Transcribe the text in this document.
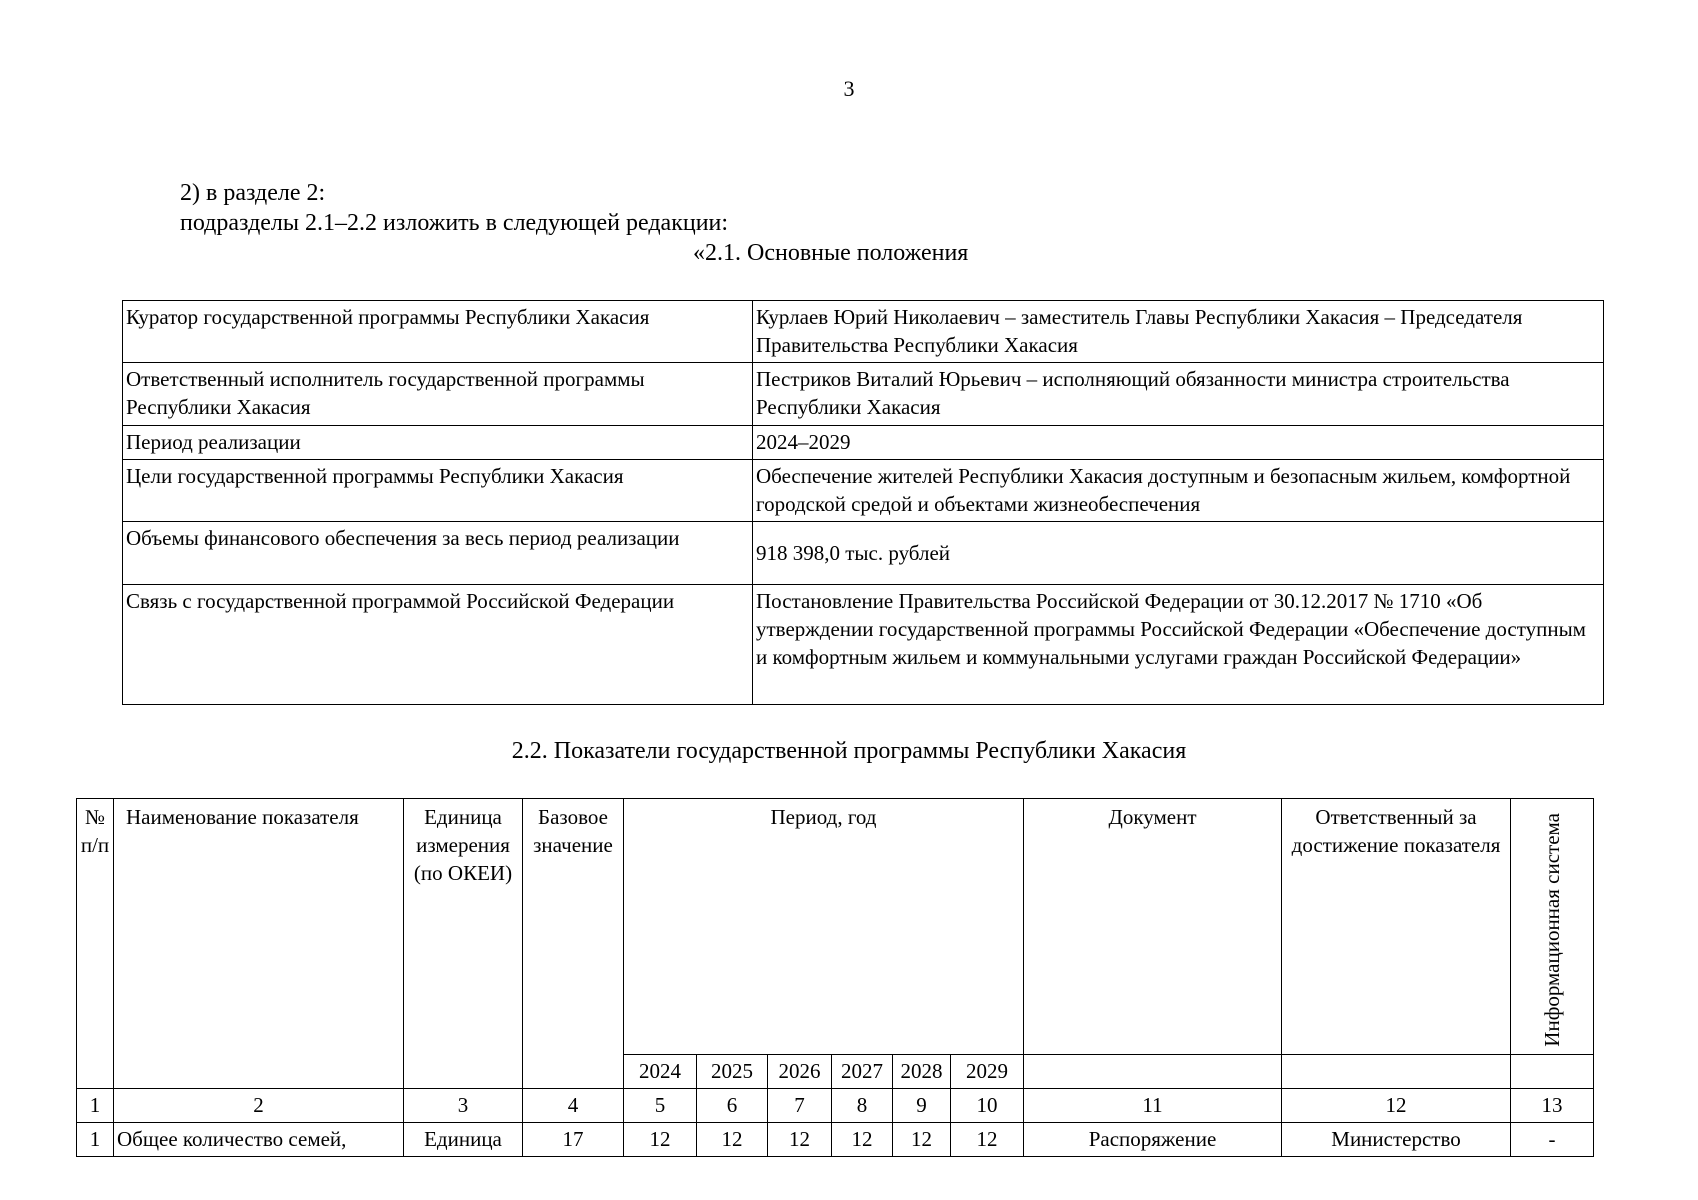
3
2) в разделе 2:
подразделы 2.1–2.2 изложить в следующей редакции:
«2.1. Основные положения
Куратор государственной программы Республики Хакасия	Курлаев Юрий Николаевич – заместитель Главы Республики Хакасия – Председателя Правительства Республики Хакасия
Ответственный исполнитель государственной программы Республики Хакасия	Пестриков Виталий Юрьевич – исполняющий обязанности министра строительства Республики Хакасия
Период реализации	2024–2029
Цели государственной программы Республики Хакасия	Обеспечение жителей Республики Хакасия доступным и безопасным жильем, комфортной городской средой и объектами жизнеобеспечения
Объемы финансового обеспечения за весь период реализации	918 398,0 тыс. рублей
Связь с государственной программой Российской Федерации	Постановление Правительства Российской Федерации от 30.12.2017 № 1710 «Об утверждении государственной программы Российской Федерации «Обеспечение доступным и комфортным жильем и коммунальными услугами граждан Российской Федерации»
2.2. Показатели государственной программы Республики Хакасия
№ п/п	Наименование показателя	Единица измерения (по ОКЕИ)	Базовое значение	Период, год						Документ	Ответственный за достижение показателя	Информационная система
				2024	2025	2026	2027	2028	2029			
1	2	3	4	5	6	7	8	9	10	11	12	13
1	Общее количество семей,	Единица	17	12	12	12	12	12	12	Распоряжение	Министерство	-
